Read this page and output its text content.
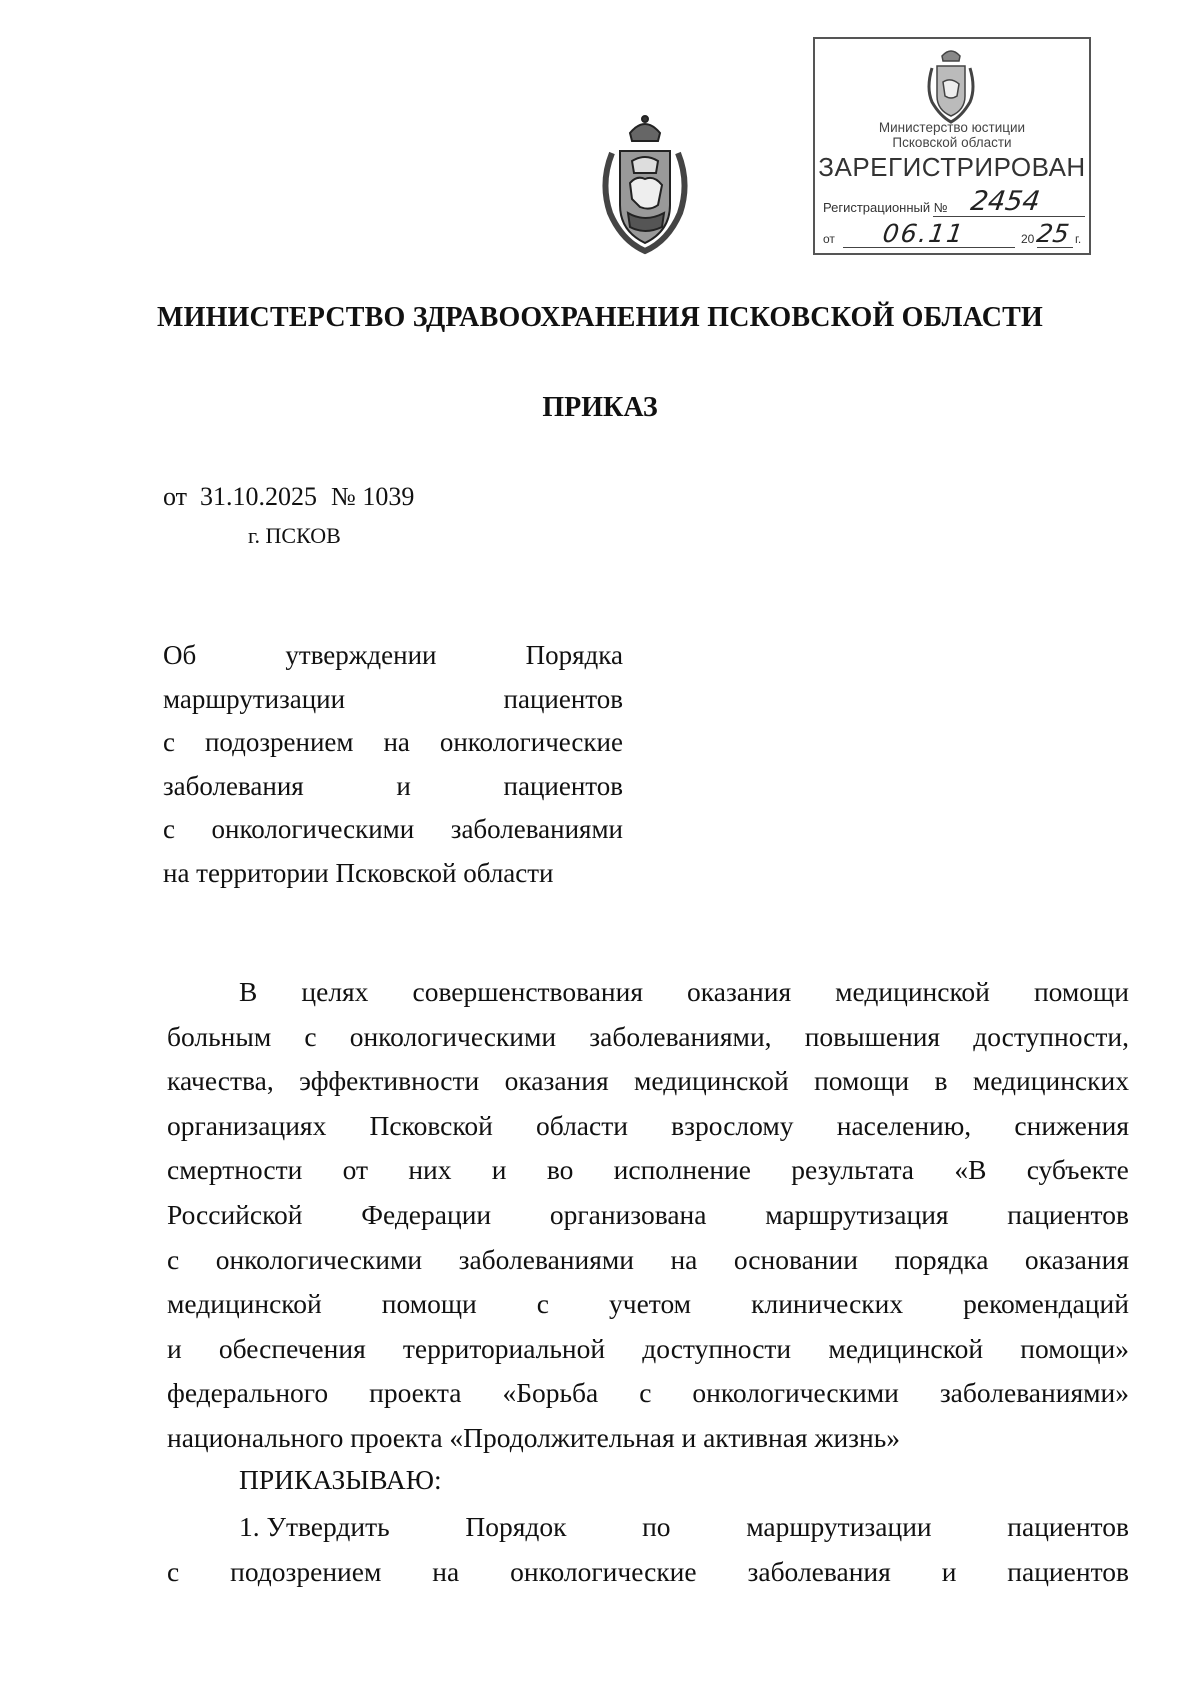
Министерство юстиции
Псковской области
ЗАРЕГИСТРИРОВАН
Регистрационный № 2454
от 06.11	20 25 г.
МИНИСТЕРСТВО ЗДРАВООХРАНЕНИЯ ПСКОВСКОЙ ОБЛАСТИ
ПРИКАЗ
от  31.10.2025 № 1039
г. ПСКОВ
Об	утверждении	Порядка
маршрутизации	пациентов
с подозрением на онкологические
заболевания	и	пациентов
с онкологическими заболеваниями
на территории Псковской области
В целях совершенствования оказания медицинской помощи
больным с онкологическими заболеваниями, повышения доступности,
качества, эффективности оказания медицинской помощи в медицинских
организациях Псковской области взрослому населению, снижения
смертности от них и во исполнение результата «В субъекте
Российской Федерации организована маршрутизация пациентов
с онкологическими заболеваниями на основании порядка оказания
медицинской помощи с учетом клинических рекомендаций
и обеспечения территориальной доступности медицинской помощи»
федерального проекта «Борьба с онкологическими заболеваниями»
национального проекта «Продолжительная и активная жизнь»
ПРИКАЗЫВАЮ:
1. Утвердить	Порядок	по	маршрутизации	пациентов
с подозрением на онкологические заболевания и пациентов
